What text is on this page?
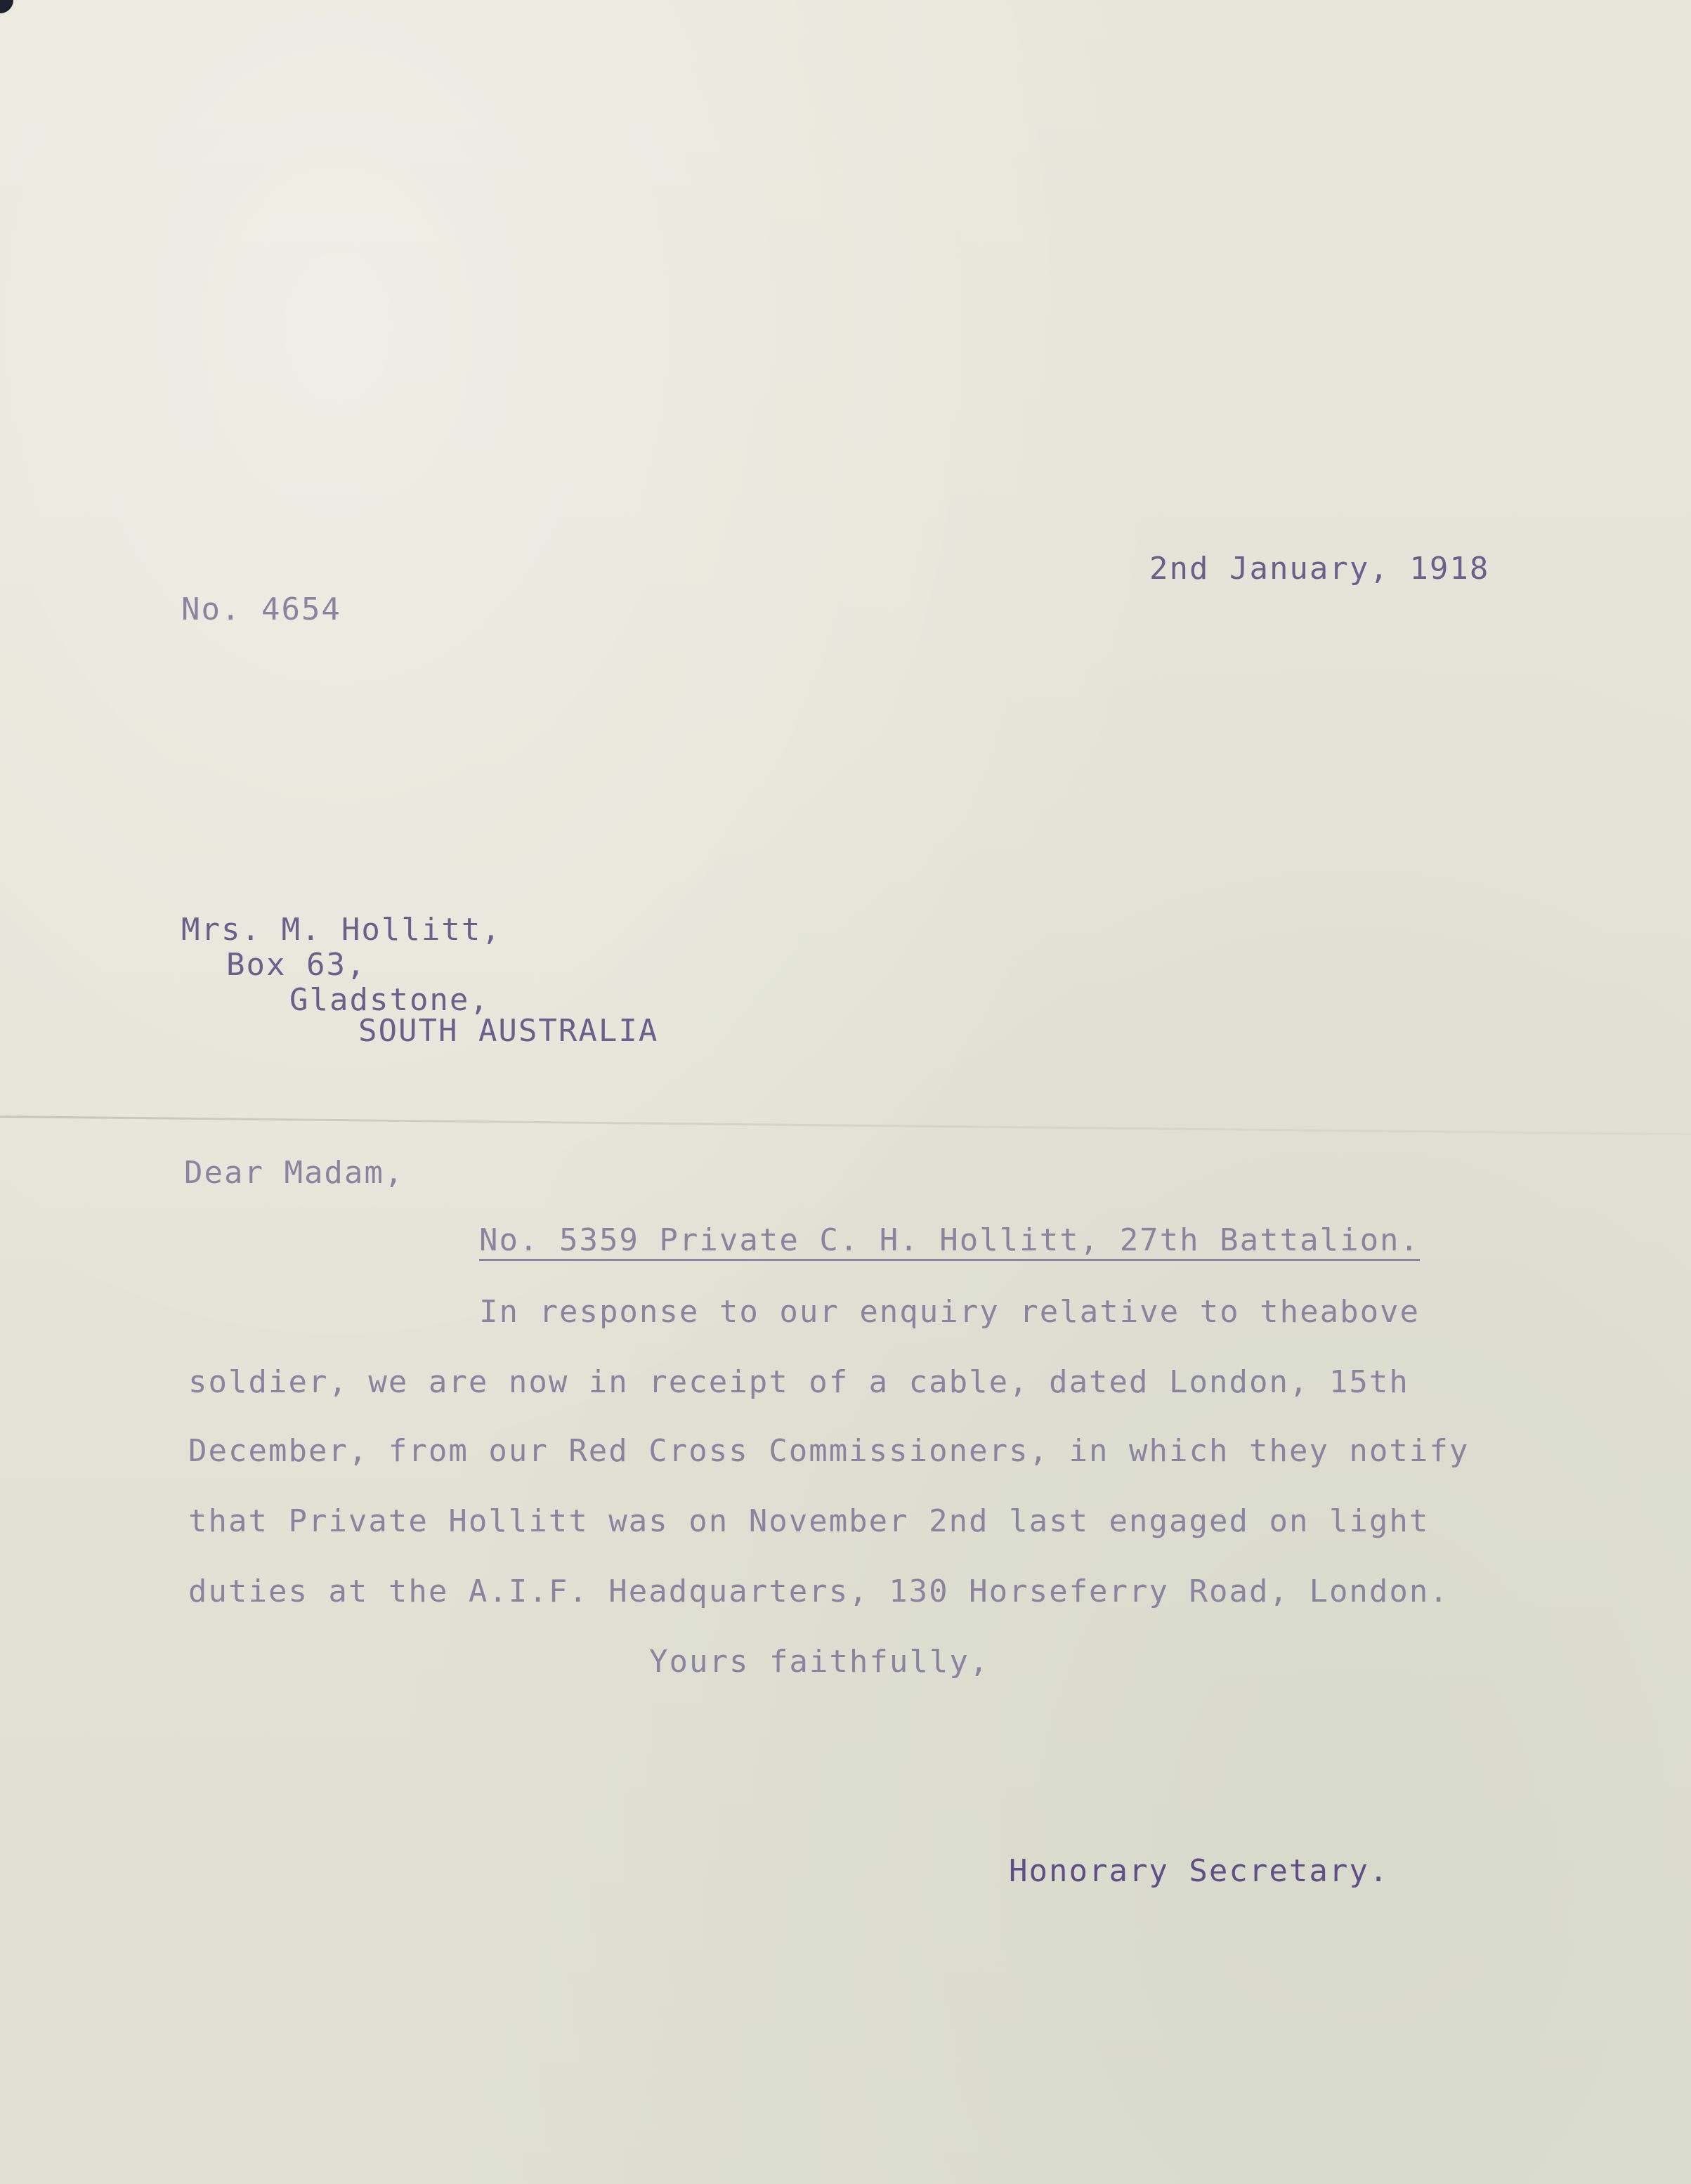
2nd January, 1918
No. 4654
Mrs. M. Hollitt,
Box 63,
Gladstone,
SOUTH AUSTRALIA
Dear Madam,
No. 5359 Private C. H. Hollitt, 27th Battalion.
In response to our enquiry relative to theabove
soldier, we are now in receipt of a cable, dated London, 15th
December, from our Red Cross Commissioners, in which they notify
that Private Hollitt was on November 2nd last engaged on light
duties at the A.I.F. Headquarters, 130 Horseferry Road, London.
Yours faithfully,
Honorary Secretary.
